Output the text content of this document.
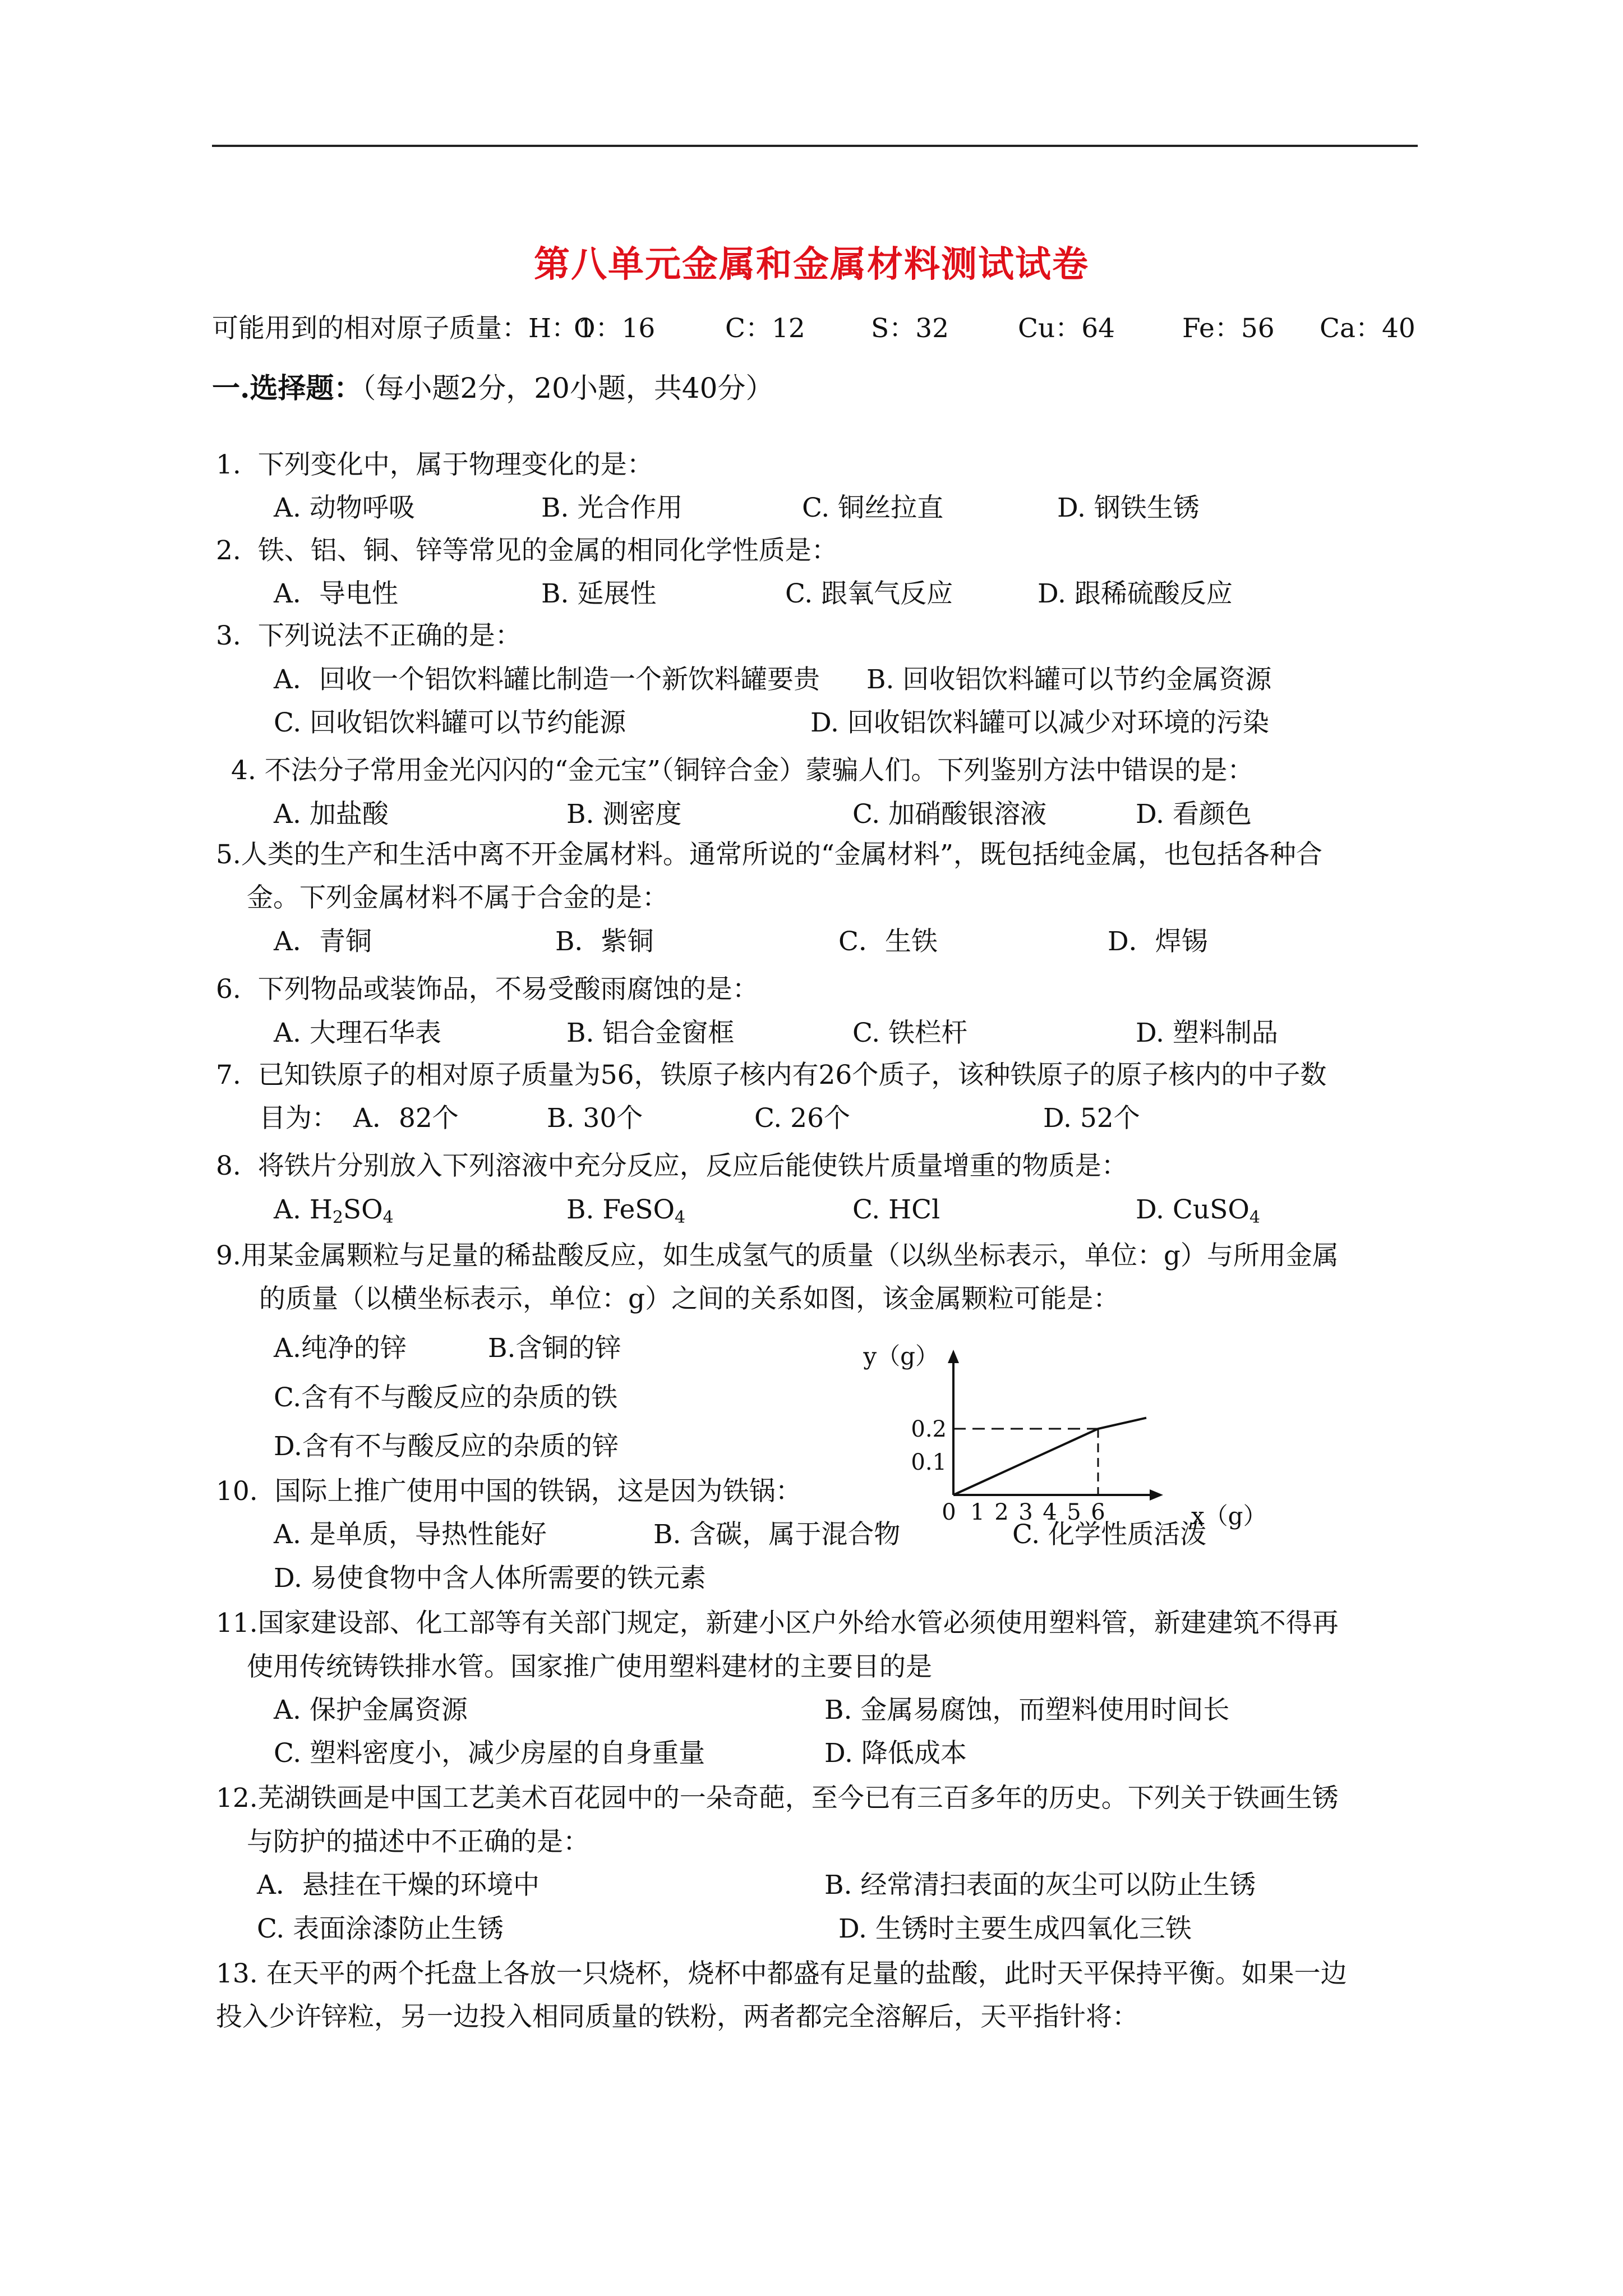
第八单元金属和金属材料测试试卷
可能用到的相对原子质量：H：1
O：16	C：12 S：32	Cu：64	Fe：56 Ca：40
一.选择题：（每小题2分，20小题，共40分）
1.  下列变化中，属于物理变化的是：
A. 动物呼吸	B. 光合作用	C. 铜丝拉直	D. 钢铁生锈
2.  铁、铝、铜、锌等常见的金属的相同化学性质是：
A．导电性	B. 延展性	C. 跟氧气反应	D. 跟稀硫酸反应
3.  下列说法不正确的是：
A．回收一个铝饮料罐比制造一个新饮料罐要贵 B. 回收铝饮料罐可以节约金属资源
C. 回收铝饮料罐可以节约能源	D. 回收铝饮料罐可以减少对环境的污染
4. 不法分子常用金光闪闪的“金元宝”（铜锌合金）蒙骗人们。下列鉴别方法中错误的是：
A. 加盐酸	B. 测密度	C. 加硝酸银溶液	D. 看颜色
5.人类的生产和生活中离不开金属材料。通常所说的“金属材料”，既包括纯金属，也包括各种合
金。下列金属材料不属于合金的是：
A．青铜	B．紫铜	C．生铁	D．焊锡
6.  下列物品或装饰品，不易受酸雨腐蚀的是：
A. 大理石华表	B. 铝合金窗框	C. 铁栏杆	D. 塑料制品
7.  已知铁原子的相对原子质量为56，铁原子核内有26个质子，该种铁原子的原子核内的中子数
目为： A．82个	B. 30个	C. 26个	D. 52个
8.  将铁片分别放入下列溶液中充分反应，反应后能使铁片质量增重的物质是：
A. $H_2SO_4$	B. FeSO$_4$	C. HCl	D. CuSO$_4$
9.用某金属颗粒与足量的稀盐酸反应，如生成氢气的质量（以纵坐标表示，单位：g）与所用金属
的质量（以横坐标表示，单位：g）之间的关系如图，该金属颗粒可能是：
A.纯净的锌	B.含铜的锌
C.含有不与酸反应的杂质的铁
D.含有不与酸反应的杂质的锌
0 1 2 3 4 5 6
0.1
0.2
y（g）
x（g）
10.  国际上推广使用中国的铁锅，这是因为铁锅：
A. 是单质，导热性能好	B. 含碳，属于混合物	C. 化学性质活泼
D. 易使食物中含人体所需要的铁元素
11.国家建设部、化工部等有关部门规定，新建小区户外给水管必须使用塑料管，新建建筑不得再
使用传统铸铁排水管。国家推广使用塑料建材的主要目的是
A. 保护金属资源	B. 金属易腐蚀，而塑料使用时间长
C. 塑料密度小，减少房屋的自身重量	D. 降低成本
12.芜湖铁画是中国工艺美术百花园中的一朵奇葩，至今已有三百多年的历史。下列关于铁画生锈
与防护的描述中不正确的是：
A．悬挂在干燥的环境中	B. 经常清扫表面的灰尘可以防止生锈
C. 表面涂漆防止生锈	D. 生锈时主要生成四氧化三铁
13. 在天平的两个托盘上各放一只烧杯，烧杯中都盛有足量的盐酸，此时天平保持平衡。如果一边
投入少许锌粒，另一边投入相同质量的铁粉，两者都完全溶解后，天平指针将：
